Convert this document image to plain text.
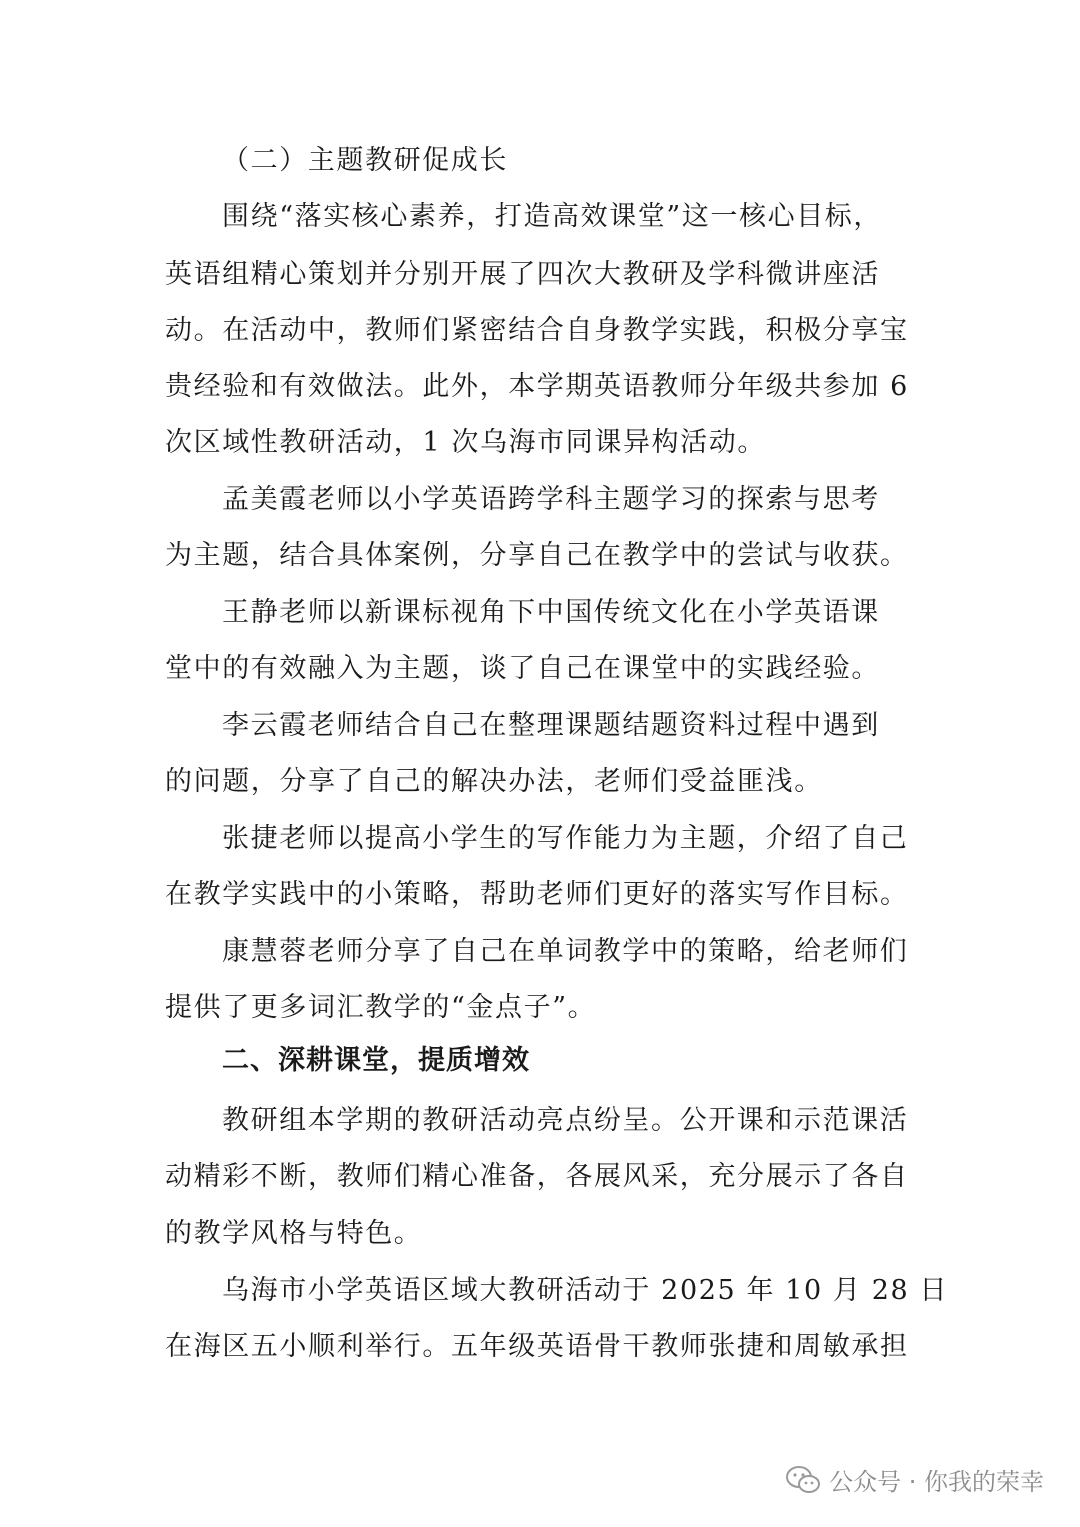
（二）主题教研促成长
围绕“落实核心素养，打造高效课堂”这一核心目标，
英语组精心策划并分别开展了四次大教研及学科微讲座活
动。在活动中，教师们紧密结合自身教学实践，积极分享宝
贵经验和有效做法。此外，本学期英语教师分年级共参加 6
次区域性教研活动，1 次乌海市同课异构活动。
孟美霞老师以小学英语跨学科主题学习的探索与思考
为主题，结合具体案例，分享自己在教学中的尝试与收获。
王静老师以新课标视角下中国传统文化在小学英语课
堂中的有效融入为主题，谈了自己在课堂中的实践经验。
李云霞老师结合自己在整理课题结题资料过程中遇到
的问题，分享了自己的解决办法，老师们受益匪浅。
张捷老师以提高小学生的写作能力为主题，介绍了自己
在教学实践中的小策略，帮助老师们更好的落实写作目标。
康慧蓉老师分享了自己在单词教学中的策略，给老师们
提供了更多词汇教学的“金点子”。
二、深耕课堂，提质增效
教研组本学期的教研活动亮点纷呈。公开课和示范课活
动精彩不断，教师们精心准备，各展风采，充分展示了各自
的教学风格与特色。
乌海市小学英语区域大教研活动于 2025 年 10 月 28 日
在海区五小顺利举行。五年级英语骨干教师张捷和周敏承担
公众号 · 你我的荣幸
